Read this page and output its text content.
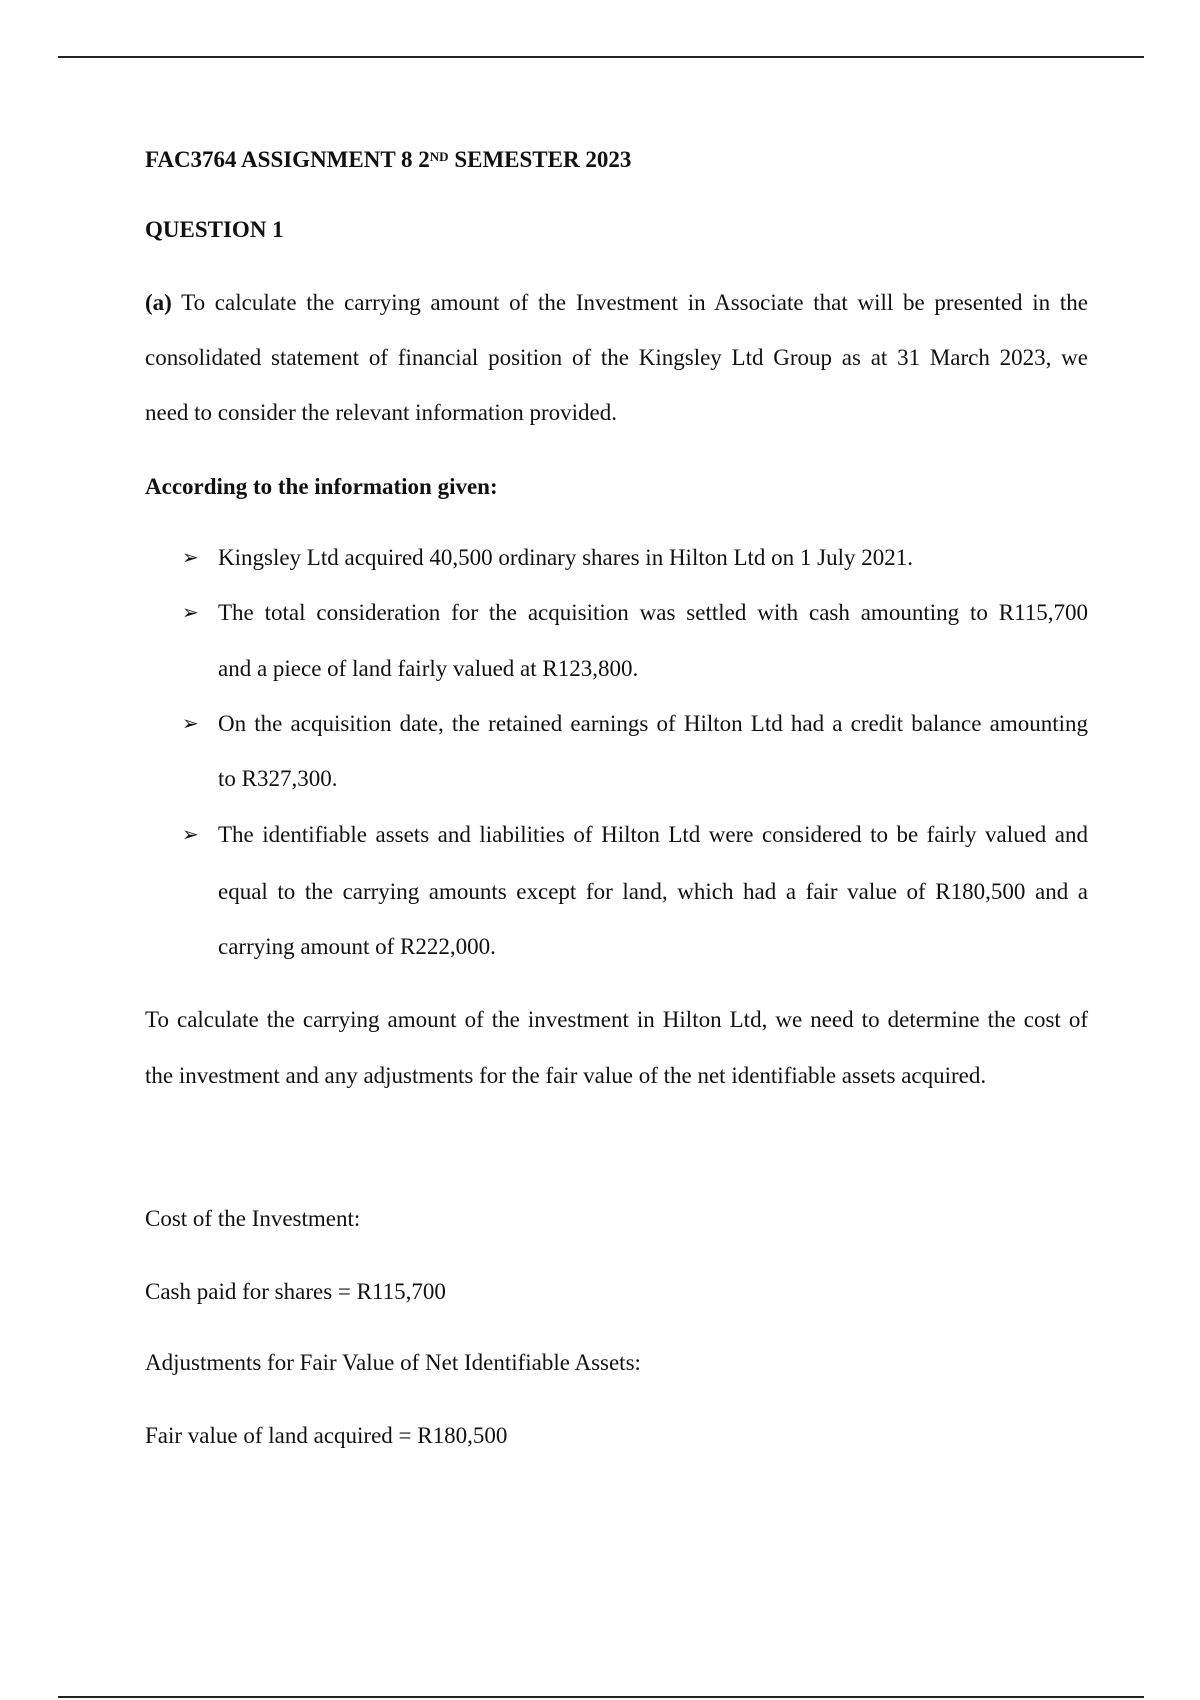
FAC3764 ASSIGNMENT 8 2ND SEMESTER 2023
QUESTION 1
(a) To calculate the carrying amount of the Investment in Associate that will be presented in the
consolidated statement of financial position of the Kingsley Ltd Group as at 31 March 2023, we
need to consider the relevant information provided.
According to the information given:
➢ Kingsley Ltd acquired 40,500 ordinary shares in Hilton Ltd on 1 July 2021.
➢ The total consideration for the acquisition was settled with cash amounting to R115,700
and a piece of land fairly valued at R123,800.
➢ On the acquisition date, the retained earnings of Hilton Ltd had a credit balance amounting
to R327,300.
➢ The identifiable assets and liabilities of Hilton Ltd were considered to be fairly valued and
equal to the carrying amounts except for land, which had a fair value of R180,500 and a
carrying amount of R222,000.
To calculate the carrying amount of the investment in Hilton Ltd, we need to determine the cost of
the investment and any adjustments for the fair value of the net identifiable assets acquired.
Cost of the Investment:
Cash paid for shares = R115,700
Adjustments for Fair Value of Net Identifiable Assets:
Fair value of land acquired = R180,500
